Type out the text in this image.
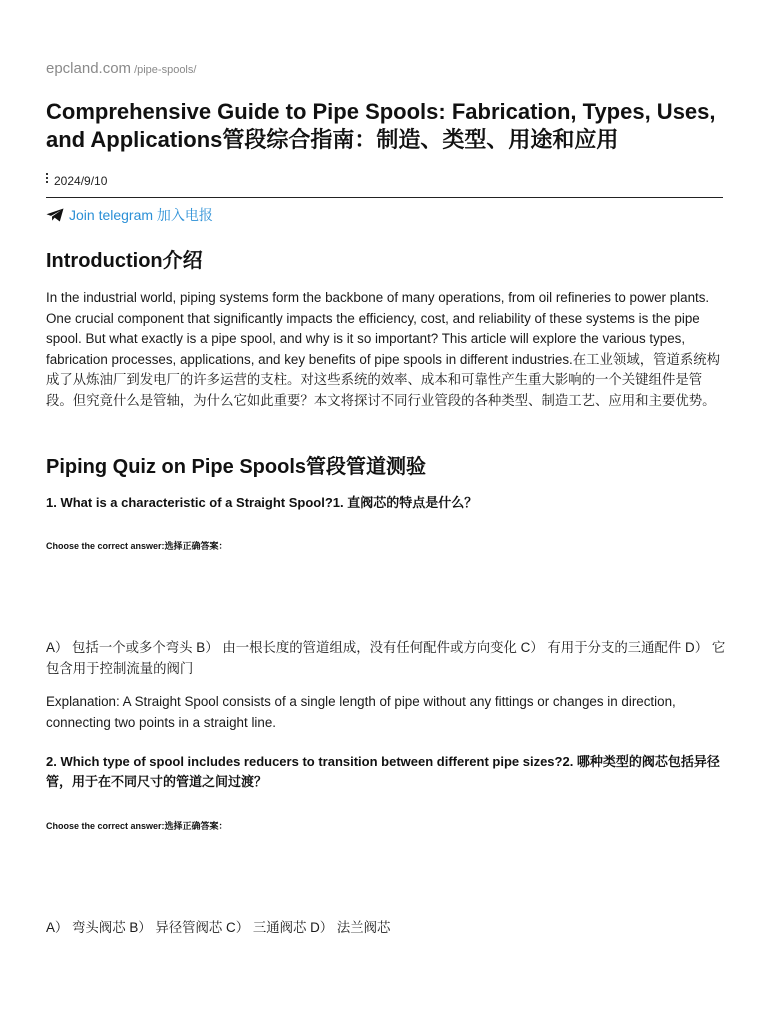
epcland.com /pipe-spools/
Comprehensive Guide to Pipe Spools: Fabrication, Types, Uses, and Applications管段综合指南：制造、类型、用途和应用
2024/9/10
Join telegram 加入电报
Introduction介绍

In the industrial world, piping systems form the backbone of many operations, from oil refineries to power plants. One crucial component that significantly impacts the efficiency, cost, and reliability of these systems is the pipe spool. But what exactly is a pipe spool, and why is it so important? This article will explore the various types, fabrication processes, applications, and key benefits of pipe spools in different industries.在工业领域，管道系统构成了从炼油厂到发电厂的许多运营的支柱。对这些系统的效率、成本和可靠性产生重大影响的一个关键组件是管段。但究竟什么是管轴，为什么它如此重要？本文将探讨不同行业管段的各种类型、制造工艺、应用和主要优势。

Piping Quiz on Pipe Spools管段管道测验

1. What is a characteristic of a Straight Spool?1. 直阀芯的特点是什么？

Choose the correct answer:选择正确答案：

A） 包括一个或多个弯头 B） 由一根长度的管道组成，没有任何配件或方向变化 C） 有用于分支的三通配件 D） 它包含用于控制流量的阀门

Explanation: A Straight Spool consists of a single length of pipe without any fittings or changes in direction, connecting two points in a straight line.

2. Which type of spool includes reducers to transition between different pipe sizes?2. 哪种类型的阀芯包括异径管，用于在不同尺寸的管道之间过渡？

Choose the correct answer:选择正确答案：

A） 弯头阀芯 B） 异径管阀芯 C） 三通阀芯 D） 法兰阀芯
